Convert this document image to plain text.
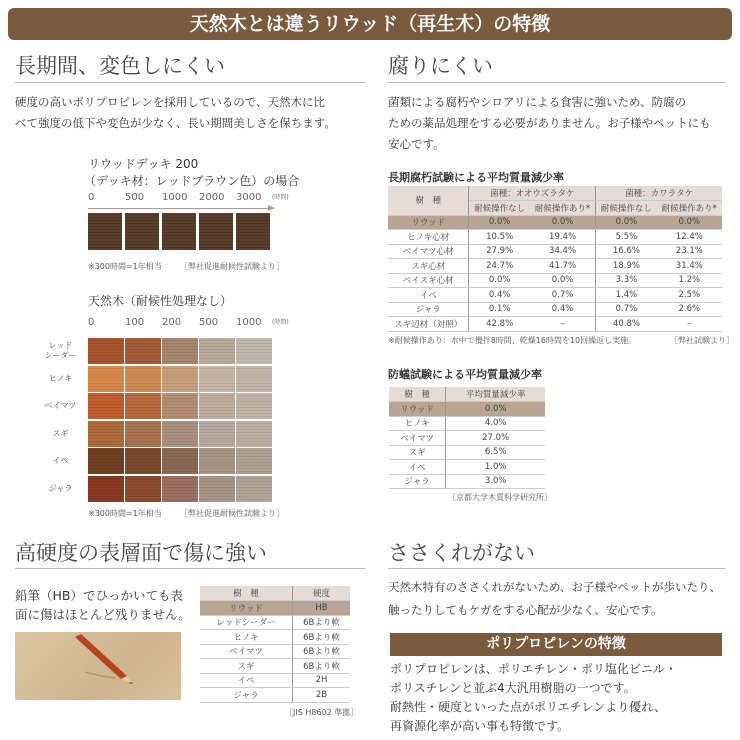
天然木とは違うリウッド（再生木）の特徴
長期間、変色しにくい
硬度の高いポリプロピレンを採用しているので、天然木に比
べて強度の低下や変色が少なく、長い期間美しさを保ちます。
リウッドデッキ 200
（デッキ材：レッドブラウン色）の場合
0	500 1000 2000 3000 (時間)
※300時間=1年相当 ［弊社促進耐候性試験より］
天然木（耐候性処理なし）
0	100 200 500 1000 (時間)
レッド
シーダー
ヒノキ
ベイマツ
スギ
イペ
ジャラ
※300時間=1年相当 ［弊社促進耐候性試験より］
腐りにくい
菌類による腐朽やシロアリによる食害に強いため、防腐の
ための薬品処理をする必要がありません。お子様やペットにも
安心です。
長期腐朽試験による平均質量減少率
樹　種	菌種：オオウズラタケ		菌種：カワラタケ	
	耐候操作なし	耐候操作あり*	耐候操作なし	耐候操作あり*
リウッド	0.0%	0.0%	0.0%	0.0%
ヒノキ心材	10.5%	19.4%	5.5%	12.4%
ベイマツ心材	27.9%	34.4%	16.6%	23.1%
スギ心材	24.7%	41.7%	18.9%	31.4%
ベイスギ心材	0.0%	0.0%	3.3%	1.2%
イペ	0.4%	0.7%	1.4%	2.5%
ジャラ	0.1%	0.4%	0.7%	2.6%
スギ辺材（対照）	42.8%	–	40.8%	–
※耐候操作あり：水中で攪拌8時間、乾燥16時間を10回繰返し実施。	［弊社試験より］
防蟻試験による平均質量減少率
樹　種	平均質量減少率
リウッド	0.0%
ヒノキ	4.0%
ベイマツ	27.0%
スギ	6.5%
イペ	1.0%
ジャラ	3.0%
［京都大学木質科学研究所］
高硬度の表層面で傷に強い
鉛筆（HB）でひっかいても表
面に傷はほとんど残りません。
樹　種	硬度
リウッド	HB
レッドシーダー	6Bより軟
ヒノキ	6Bより軟
ベイマツ	6Bより軟
スギ	6Bより軟
イペ	2H
ジャラ	2B
［JIS H8602 準拠］
ささくれがない
天然木特有のささくれがないため、お子様やペットが歩いたり、
触ったりしてもケガをする心配が少なく、安心です。
ポリプロピレンの特徴
ポリプロピレンは、ポリエチレン・ポリ塩化ビニル・
ポリスチレンと並ぶ4大汎用樹脂の一つです。
耐熱性・硬度といった点がポリエチレンより優れ、
再資源化率が高い事も特徴です。
